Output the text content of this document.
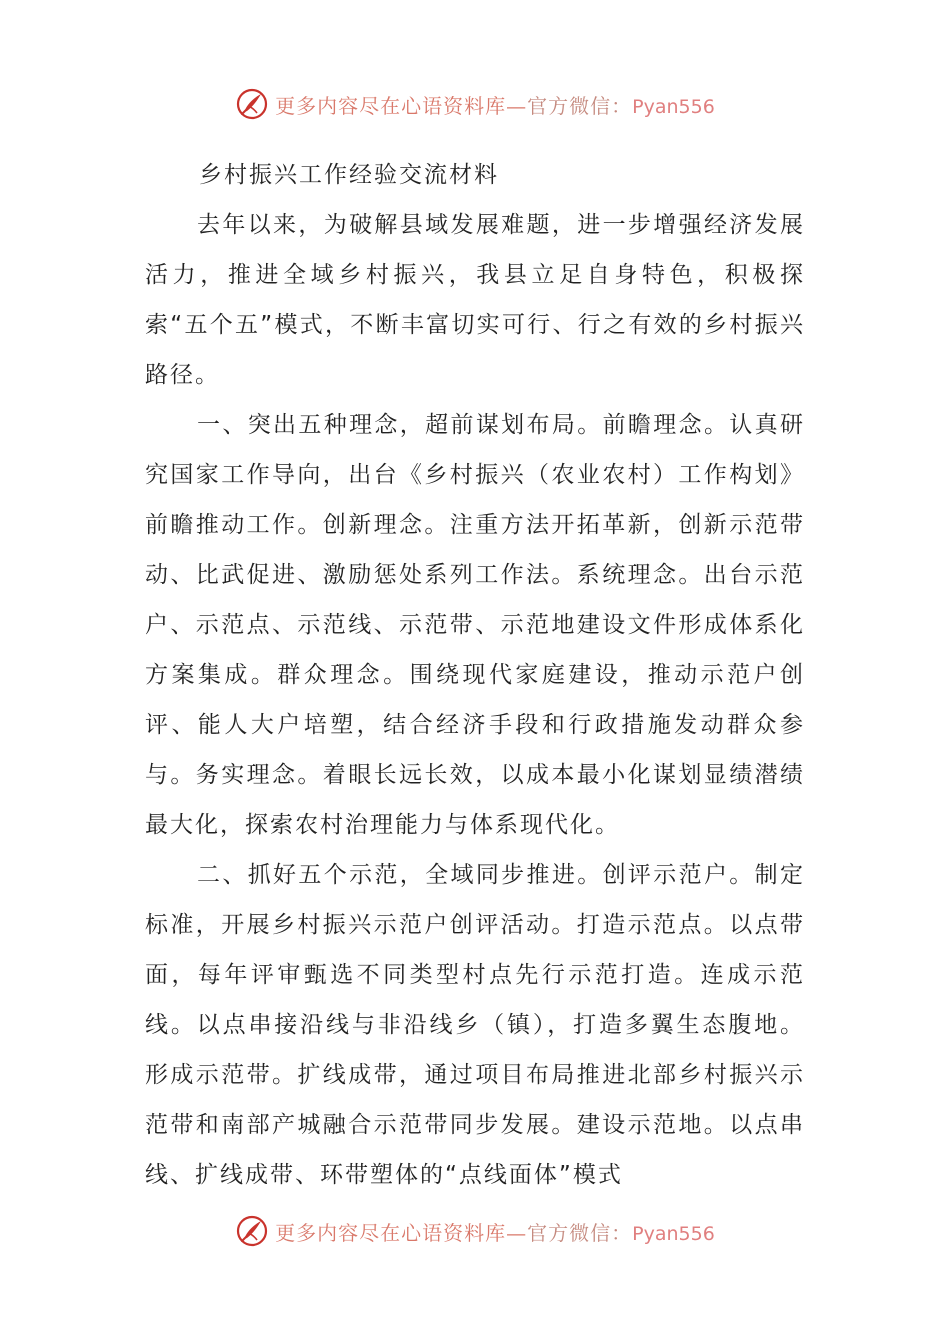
更多内容尽在心语资料库—官方微信：Pyan556
乡村振兴工作经验交流材料

去年以来，为破解县域发展难题，进一步增强经济发展活力，推进全域乡村振兴，我县立足自身特色，积极探索“五个五”模式，不断丰富切实可行、行之有效的乡村振兴路径。

一、突出五种理念，超前谋划布局。前瞻理念。认真研究国家工作导向，出台《乡村振兴（农业农村）工作构划》前瞻推动工作。创新理念。注重方法开拓革新，创新示范带动、比武促进、激励惩处系列工作法。系统理念。出台示范户、示范点、示范线、示范带、示范地建设文件形成体系化方案集成。群众理念。围绕现代家庭建设，推动示范户创评、能人大户培塑，结合经济手段和行政措施发动群众参与。务实理念。着眼长远长效，以成本最小化谋划显绩潜绩最大化，探索农村治理能力与体系现代化。

二、抓好五个示范，全域同步推进。创评示范户。制定标准，开展乡村振兴示范户创评活动。打造示范点。以点带面，每年评审甄选不同类型村点先行示范打造。连成示范线。以点串接沿线与非沿线乡（镇），打造多翼生态腹地。形成示范带。扩线成带，通过项目布局推进北部乡村振兴示范带和南部产城融合示范带同步发展。建设示范地。以点串线、扩线成带、环带塑体的“点线面体”模式

更多内容尽在心语资料库—官方微信：Pyan556
